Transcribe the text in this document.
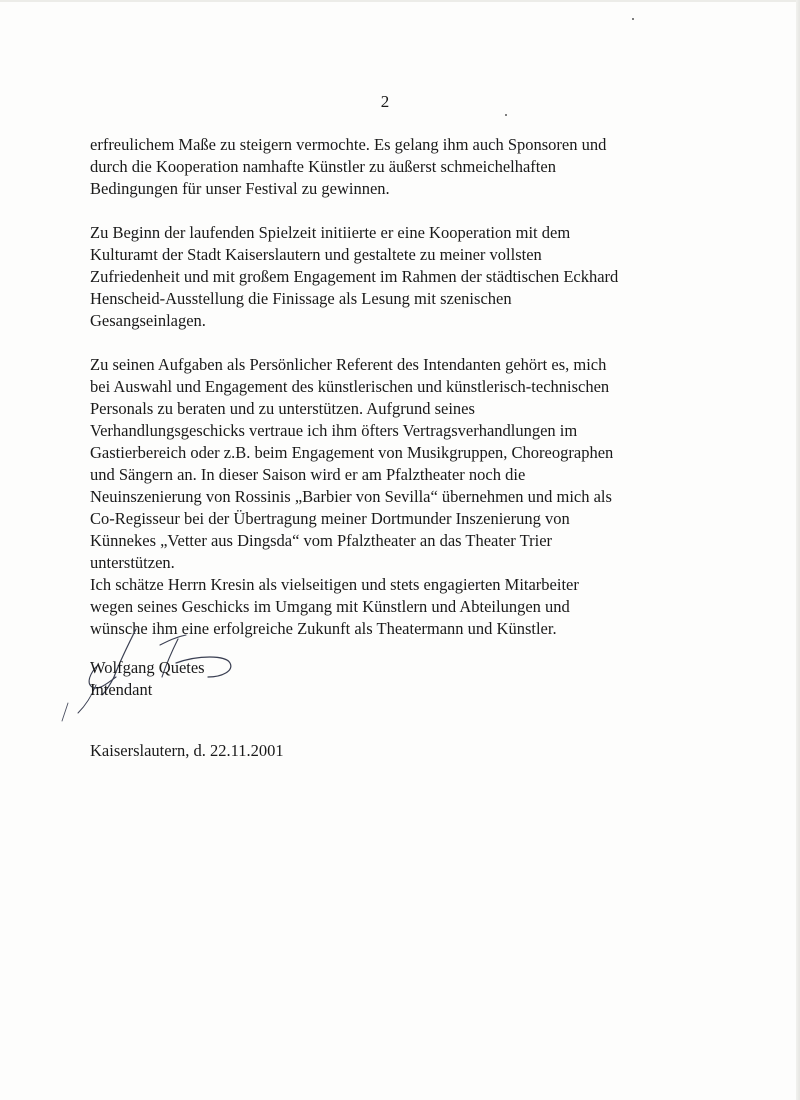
2

erfreulichem Maße zu steigern vermochte. Es gelang ihm auch Sponsoren und
durch die Kooperation namhafte Künstler zu äußerst schmeichelhaften
Bedingungen für unser Festival zu gewinnen.

Zu Beginn der laufenden Spielzeit initiierte er eine Kooperation mit dem
Kulturamt der Stadt Kaiserslautern und gestaltete zu meiner vollsten
Zufriedenheit und mit großem Engagement im Rahmen der städtischen Eckhard
Henscheid-Ausstellung die Finissage als Lesung mit szenischen
Gesangseinlagen.

Zu seinen Aufgaben als Persönlicher Referent des Intendanten gehört es, mich
bei Auswahl und Engagement des künstlerischen und künstlerisch-technischen
Personals zu beraten und zu unterstützen. Aufgrund seines
Verhandlungsgeschicks vertraue ich ihm öfters Vertragsverhandlungen im
Gastierbereich oder z.B. beim Engagement von Musikgruppen, Choreographen
und Sängern an. In dieser Saison wird er am Pfalztheater noch die
Neuinszenierung von Rossinis „Barbier von Sevilla“ übernehmen und mich als
Co-Regisseur bei der Übertragung meiner Dortmunder Inszenierung von
Künnekes „Vetter aus Dingsda“ vom Pfalztheater an das Theater Trier
unterstützen.

Ich schätze Herrn Kresin als vielseitigen und stets engagierten Mitarbeiter
wegen seines Geschicks im Umgang mit Künstlern und Abteilungen und
wünsche ihm eine erfolgreiche Zukunft als Theatermann und Künstler.

Wolfgang Quetes
Intendant
Kaiserslautern, d. 22.11.2001
